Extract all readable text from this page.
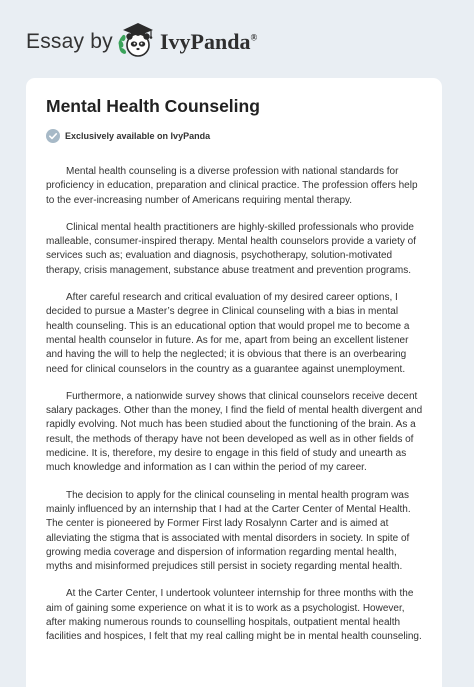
Essay by IvyPanda®
Mental Health Counseling
Exclusively available on IvyPanda

Mental health counseling is a diverse profession with national standards for proficiency in education, preparation and clinical practice. The profession offers help to the ever-increasing number of Americans requiring mental therapy.

Clinical mental health practitioners are highly-skilled professionals who provide malleable, consumer-inspired therapy. Mental health counselors provide a variety of services such as; evaluation and diagnosis, psychotherapy, solution-motivated therapy, crisis management, substance abuse treatment and prevention programs.

After careful research and critical evaluation of my desired career options, I decided to pursue a Master’s degree in Clinical counseling with a bias in mental health counseling. This is an educational option that would propel me to become a mental health counselor in future. As for me, apart from being an excellent listener and having the will to help the neglected; it is obvious that there is an overbearing need for clinical counselors in the country as a guarantee against unemployment.

Furthermore, a nationwide survey shows that clinical counselors receive decent salary packages. Other than the money, I find the field of mental health divergent and rapidly evolving. Not much has been studied about the functioning of the brain. As a result, the methods of therapy have not been developed as well as in other fields of medicine. It is, therefore, my desire to engage in this field of study and unearth as much knowledge and information as I can within the period of my career.

The decision to apply for the clinical counseling in mental health program was mainly influenced by an internship that I had at the Carter Center of Mental Health. The center is pioneered by Former First lady Rosalynn Carter and is aimed at alleviating the stigma that is associated with mental disorders in society. In spite of growing media coverage and dispersion of information regarding mental health, myths and misinformed prejudices still persist in society regarding mental health.

At the Carter Center, I undertook volunteer internship for three months with the aim of gaining some experience on what it is to work as a psychologist. However, after making numerous rounds to counselling hospitals, outpatient mental health facilities and hospices, I felt that my real calling might be in mental health counseling.
